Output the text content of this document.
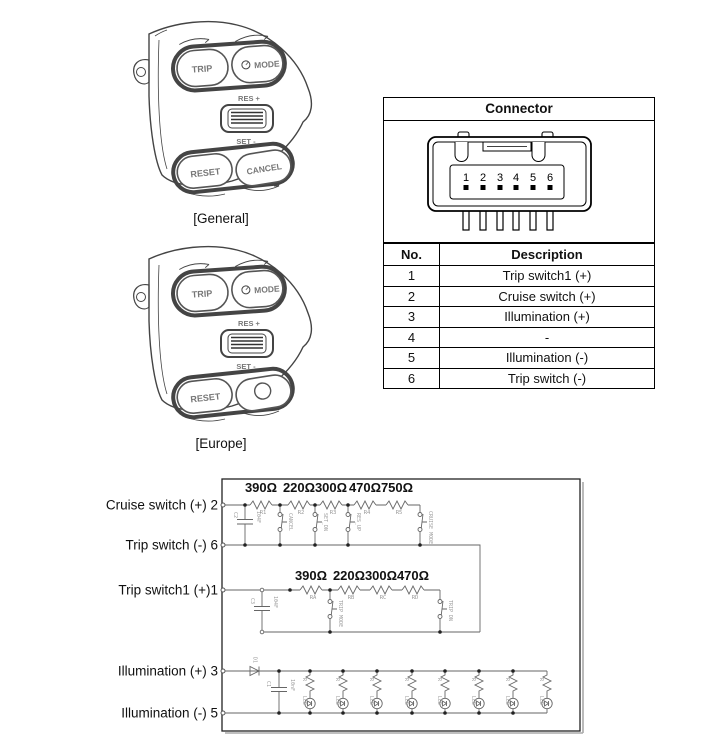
TRIP	MODE
RES +
SET -
RESET	CANCEL
[General]
TRIP	MODE
RES +
SET -
RESET
[Europe]
Connector
1 2 3 4 5 6
No.	Description
1	Trip switch1 (+)
2	Cruise switch (+)
3	Illumination (+)
4	-
5	Illumination (-)
6	Trip switch (-)
Cruise switch (+) 2
Trip switch (-) 6
Trip switch1 (+)1
Illumination (+) 3
Illumination (-) 5
390Ω 220Ω 300Ω 470Ω 750Ω
R1	R2	R3	R4	R5
CANCEL	SET_DN	RES_UP	CRUISE MODE
C2	104F
390Ω 220Ω 300Ω 470Ω
RA	RB	RC	RD
TRIP MODE	TRIP DN
C3	104F
D1
C1	10nF R	R	R	R	R	R	R	R
LED	LED	LED	LED	LED	LED	LED	LED
